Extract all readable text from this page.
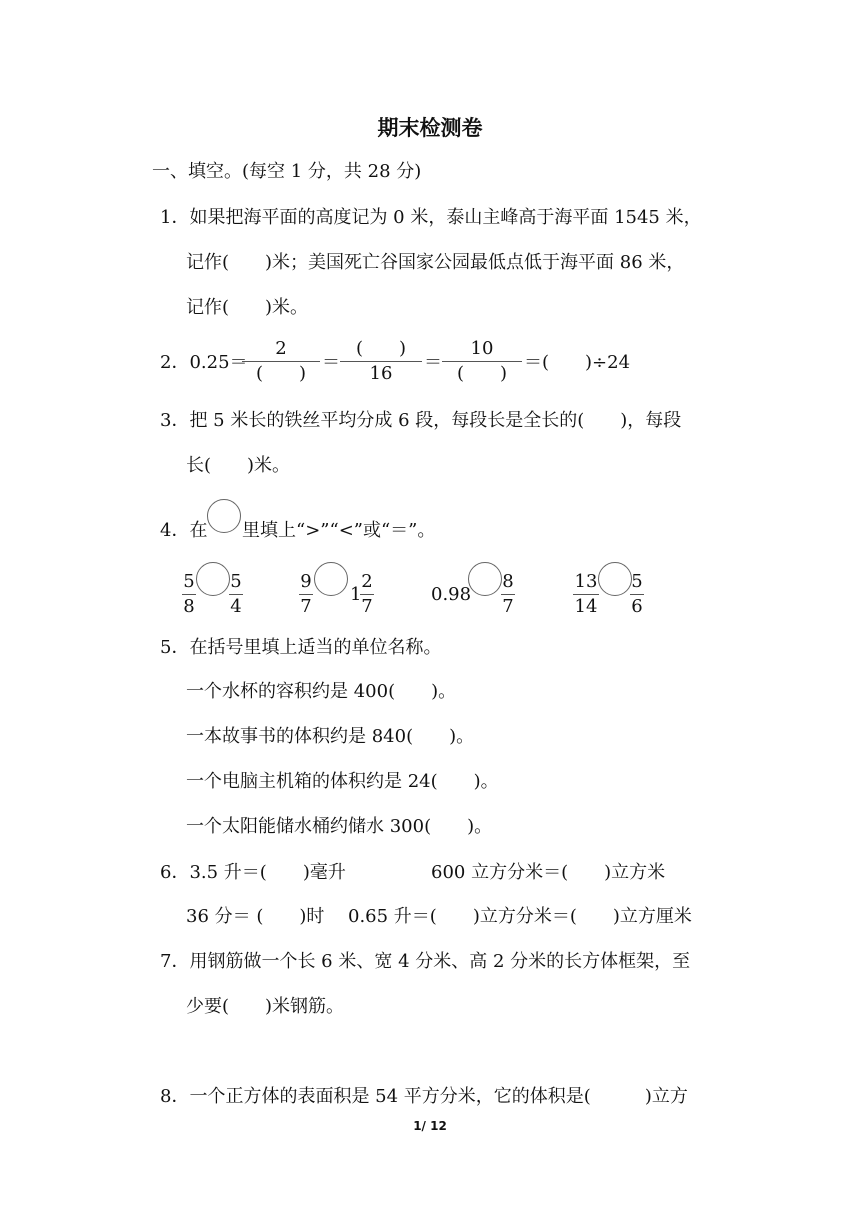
期末检测卷
一、填空。(每空 1 分，共 28 分)
1．如果把海平面的高度记为 0 米，泰山主峰高于海平面 1545 米，
记作(　　)米；美国死亡谷国家公园最低点低于海平面 86 米，
记作(　　)米。
2．0.25＝
2
(　　)
＝
(　　)
16
＝
10
(　　)
＝(　　)÷24
3．把 5 米长的铁丝平均分成 6 段，每段长是全长的(　　)，每段
长(　　)米。
4．在 里填上“>”“<”或“＝”。
5
8
5
4
9
7
1
2
7
0.98
8
7
13
14
5
6
5．在括号里填上适当的单位名称。
一个水杯的容积约是 400(　　)。
一本故事书的体积约是 840(　　)。
一个电脑主机箱的体积约是 24(　　)。
一个太阳能储水桶约储水 300(　　)。
6．3.5 升＝(　　)毫升	600 立方分米＝(　　)立方米
36 分＝ (　　)时 0.65 升＝(　　)立方分米＝(　　)立方厘米
7．用钢筋做一个长 6 米、宽 4 分米、高 2 分米的长方体框架，至
少要(　　)米钢筋。
8．一个正方体的表面积是 54 平方分米，它的体积是(　　　)立方
1/ 12
